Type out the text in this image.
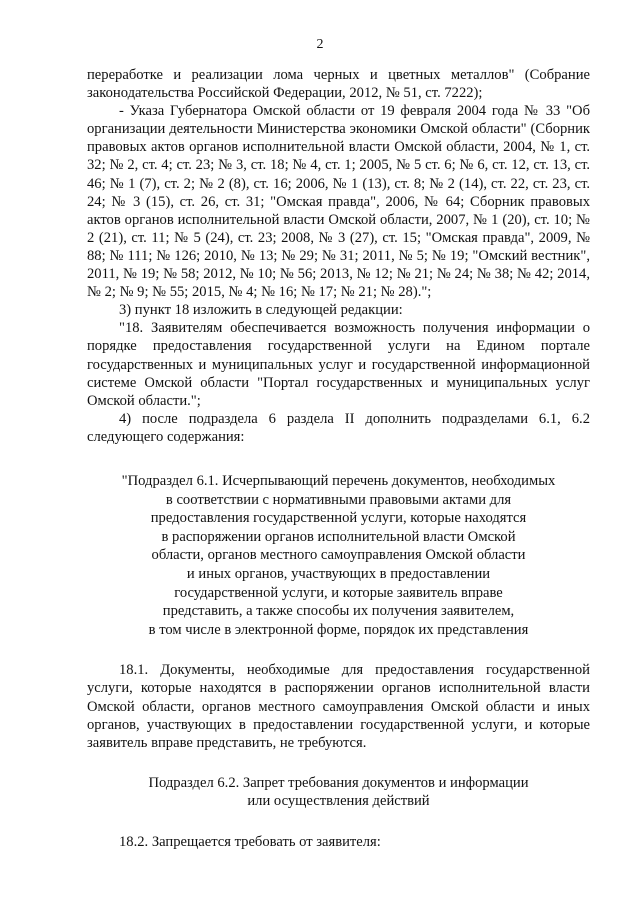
2

переработке и реализации лома черных и цветных металлов" (Собрание законодательства Российской Федерации, 2012, № 51, ст. 7222);

- Указа Губернатора Омской области от 19 февраля 2004 года № 33 "Об организации деятельности Министерства экономики Омской области" (Сборник правовых актов органов исполнительной власти Омской области, 2004, № 1, ст. 32; № 2, ст. 4; ст. 23; № 3, ст. 18; № 4, ст. 1; 2005, № 5 ст. 6; № 6, ст. 12, ст. 13, ст. 46; № 1 (7), ст. 2; № 2 (8), ст. 16; 2006, № 1 (13), ст. 8; № 2 (14), ст. 22, ст. 23, ст. 24; № 3 (15), ст. 26, ст. 31; "Омская правда", 2006, № 64; Сборник правовых актов органов исполнительной власти Омской области, 2007, № 1 (20), ст. 10; № 2 (21), ст. 11; № 5 (24), ст. 23; 2008, № 3 (27), ст. 15; "Омская правда", 2009, № 88; № 111; № 126; 2010, № 13; № 29; № 31; 2011, № 5; № 19; "Омский вестник", 2011, № 19; № 58; 2012, № 10; № 56; 2013, № 12; № 21; № 24; № 38; № 42; 2014, № 2; № 9; № 55; 2015, № 4; № 16; № 17; № 21; № 28).";

3) пункт 18 изложить в следующей редакции:

"18. Заявителям обеспечивается возможность получения информации о порядке предоставления государственной услуги на Едином портале государственных и муниципальных услуг и государственной информационной системе Омской области "Портал государственных и муниципальных услуг Омской области.";

4) после подраздела 6 раздела II дополнить подразделами 6.1, 6.2 следующего содержания:

"Подраздел 6.1. Исчерпывающий перечень документов, необходимых

в соответствии с нормативными правовыми актами для

предоставления государственной услуги, которые находятся

в распоряжении органов исполнительной власти Омской

области, органов местного самоуправления Омской области

и иных органов, участвующих в предоставлении

государственной услуги, и которые заявитель вправе

представить, а также способы их получения заявителем,

в том числе в электронной форме, порядок их представления

18.1. Документы, необходимые для предоставления государственной услуги, которые находятся в распоряжении органов исполнительной власти Омской области, органов местного самоуправления Омской области и иных органов, участвующих в предоставлении государственной услуги, и которые заявитель вправе представить, не требуются.

Подраздел 6.2. Запрет требования документов и информации

или осуществления действий

18.2. Запрещается требовать от заявителя:
